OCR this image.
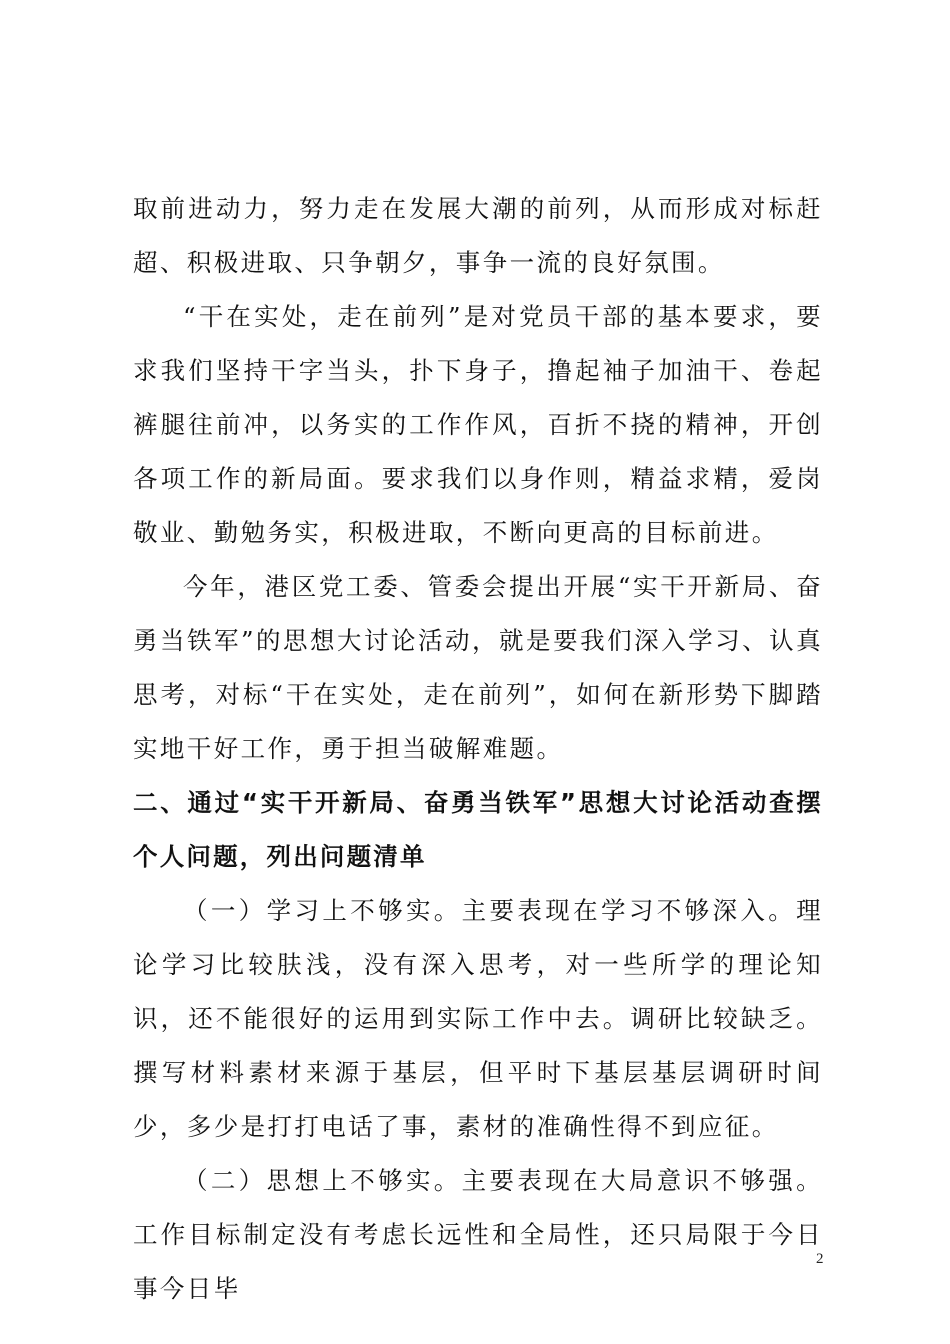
取前进动力，努力走在发展大潮的前列，从而形成对标赶超、积极进取、只争朝夕，事争一流的良好氛围。

“干在实处，走在前列”是对党员干部的基本要求，要求我们坚持干字当头，扑下身子，撸起袖子加油干、卷起裤腿往前冲，以务实的工作作风，百折不挠的精神，开创各项工作的新局面。要求我们以身作则，精益求精，爱岗敬业、勤勉务实，积极进取，不断向更高的目标前进。

今年，港区党工委、管委会提出开展“实干开新局、奋勇当铁军”的思想大讨论活动，就是要我们深入学习、认真思考，对标“干在实处，走在前列”，如何在新形势下脚踏实地干好工作，勇于担当破解难题。

二、通过“实干开新局、奋勇当铁军”思想大讨论活动查摆个人问题，列出问题清单

（一）学习上不够实。主要表现在学习不够深入。理论学习比较肤浅，没有深入思考，对一些所学的理论知识，还不能很好的运用到实际工作中去。调研比较缺乏。撰写材料素材来源于基层，但平时下基层基层调研时间少，多少是打打电话了事，素材的准确性得不到应征。

（二）思想上不够实。主要表现在大局意识不够强。工作目标制定没有考虑长远性和全局性，还只局限于今日事今日毕

2
